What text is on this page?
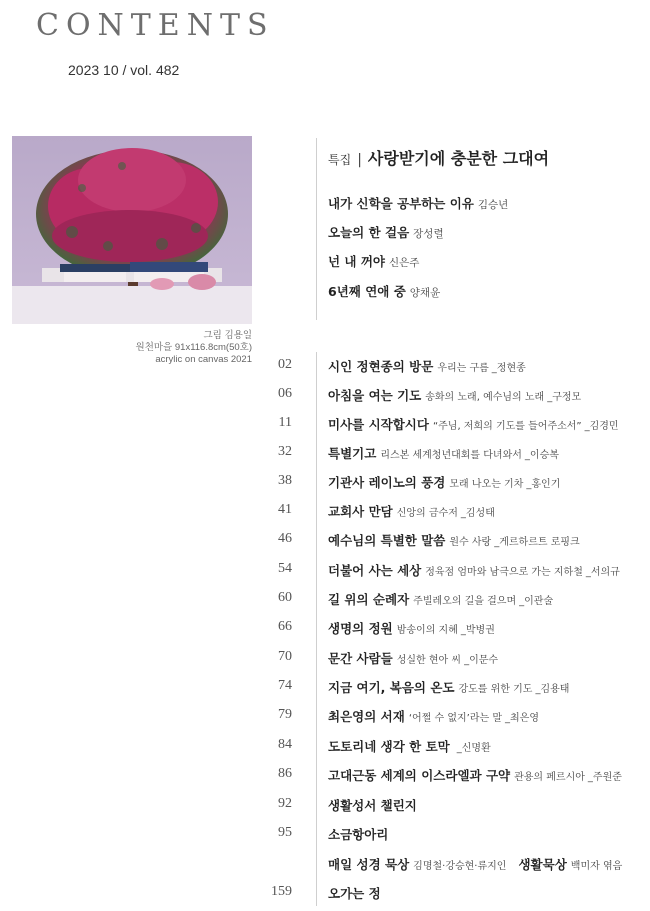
CONTENTS
2023 10 / vol. 482
그림 김용일
원천마을 91x116.8cm(50호)
acrylic on canvas 2021
특집 | 사랑받기에 충분한 그대여
내가 신학을 공부하는 이유 김승년
오늘의 한 걸음 장성렬
넌 내 꺼야 신은주
6년째 연애 중 양채윤
02	시인 정현종의 방문 우리는 구름 _정현종
06	아침을 여는 기도 송화의 노래, 예수님의 노래 _구정모
11	미사를 시작합시다 “주님, 저희의 기도를 들어주소서” _김경민
32	특별기고 리스본 세계청년대회를 다녀와서 _이승복
38	기관사 레이노의 풍경 모래 나오는 기차 _홍인기
41	교회사 만담 신앙의 금수저 _김성태
46	예수님의 특별한 말씀 원수 사랑 _게르하르트 로핑크
54	더불어 사는 세상 정육점 엄마와 남극으로 가는 지하철 _서의규
60	길 위의 순례자 주빌레오의 길을 걸으며 _이관술
66	생명의 정원 밤송이의 지혜 _박병권
70	문간 사람들 성실한 현아 씨 _이문수
74	지금 여기, 복음의 온도 강도를 위한 기도 _김용태
79	최은영의 서재 ‘어쩔 수 없지’라는 말 _최은영
84	도토리네 생각 한 토막 _신명환
86	고대근동 세계의 이스라엘과 구약 관용의 페르시아 _주원준
92	생활성서 챌린지
95	소금항아리
매일 성경 묵상 김명철·강승현·류지인 생활묵상 백미자 엮음
159	오가는 정
